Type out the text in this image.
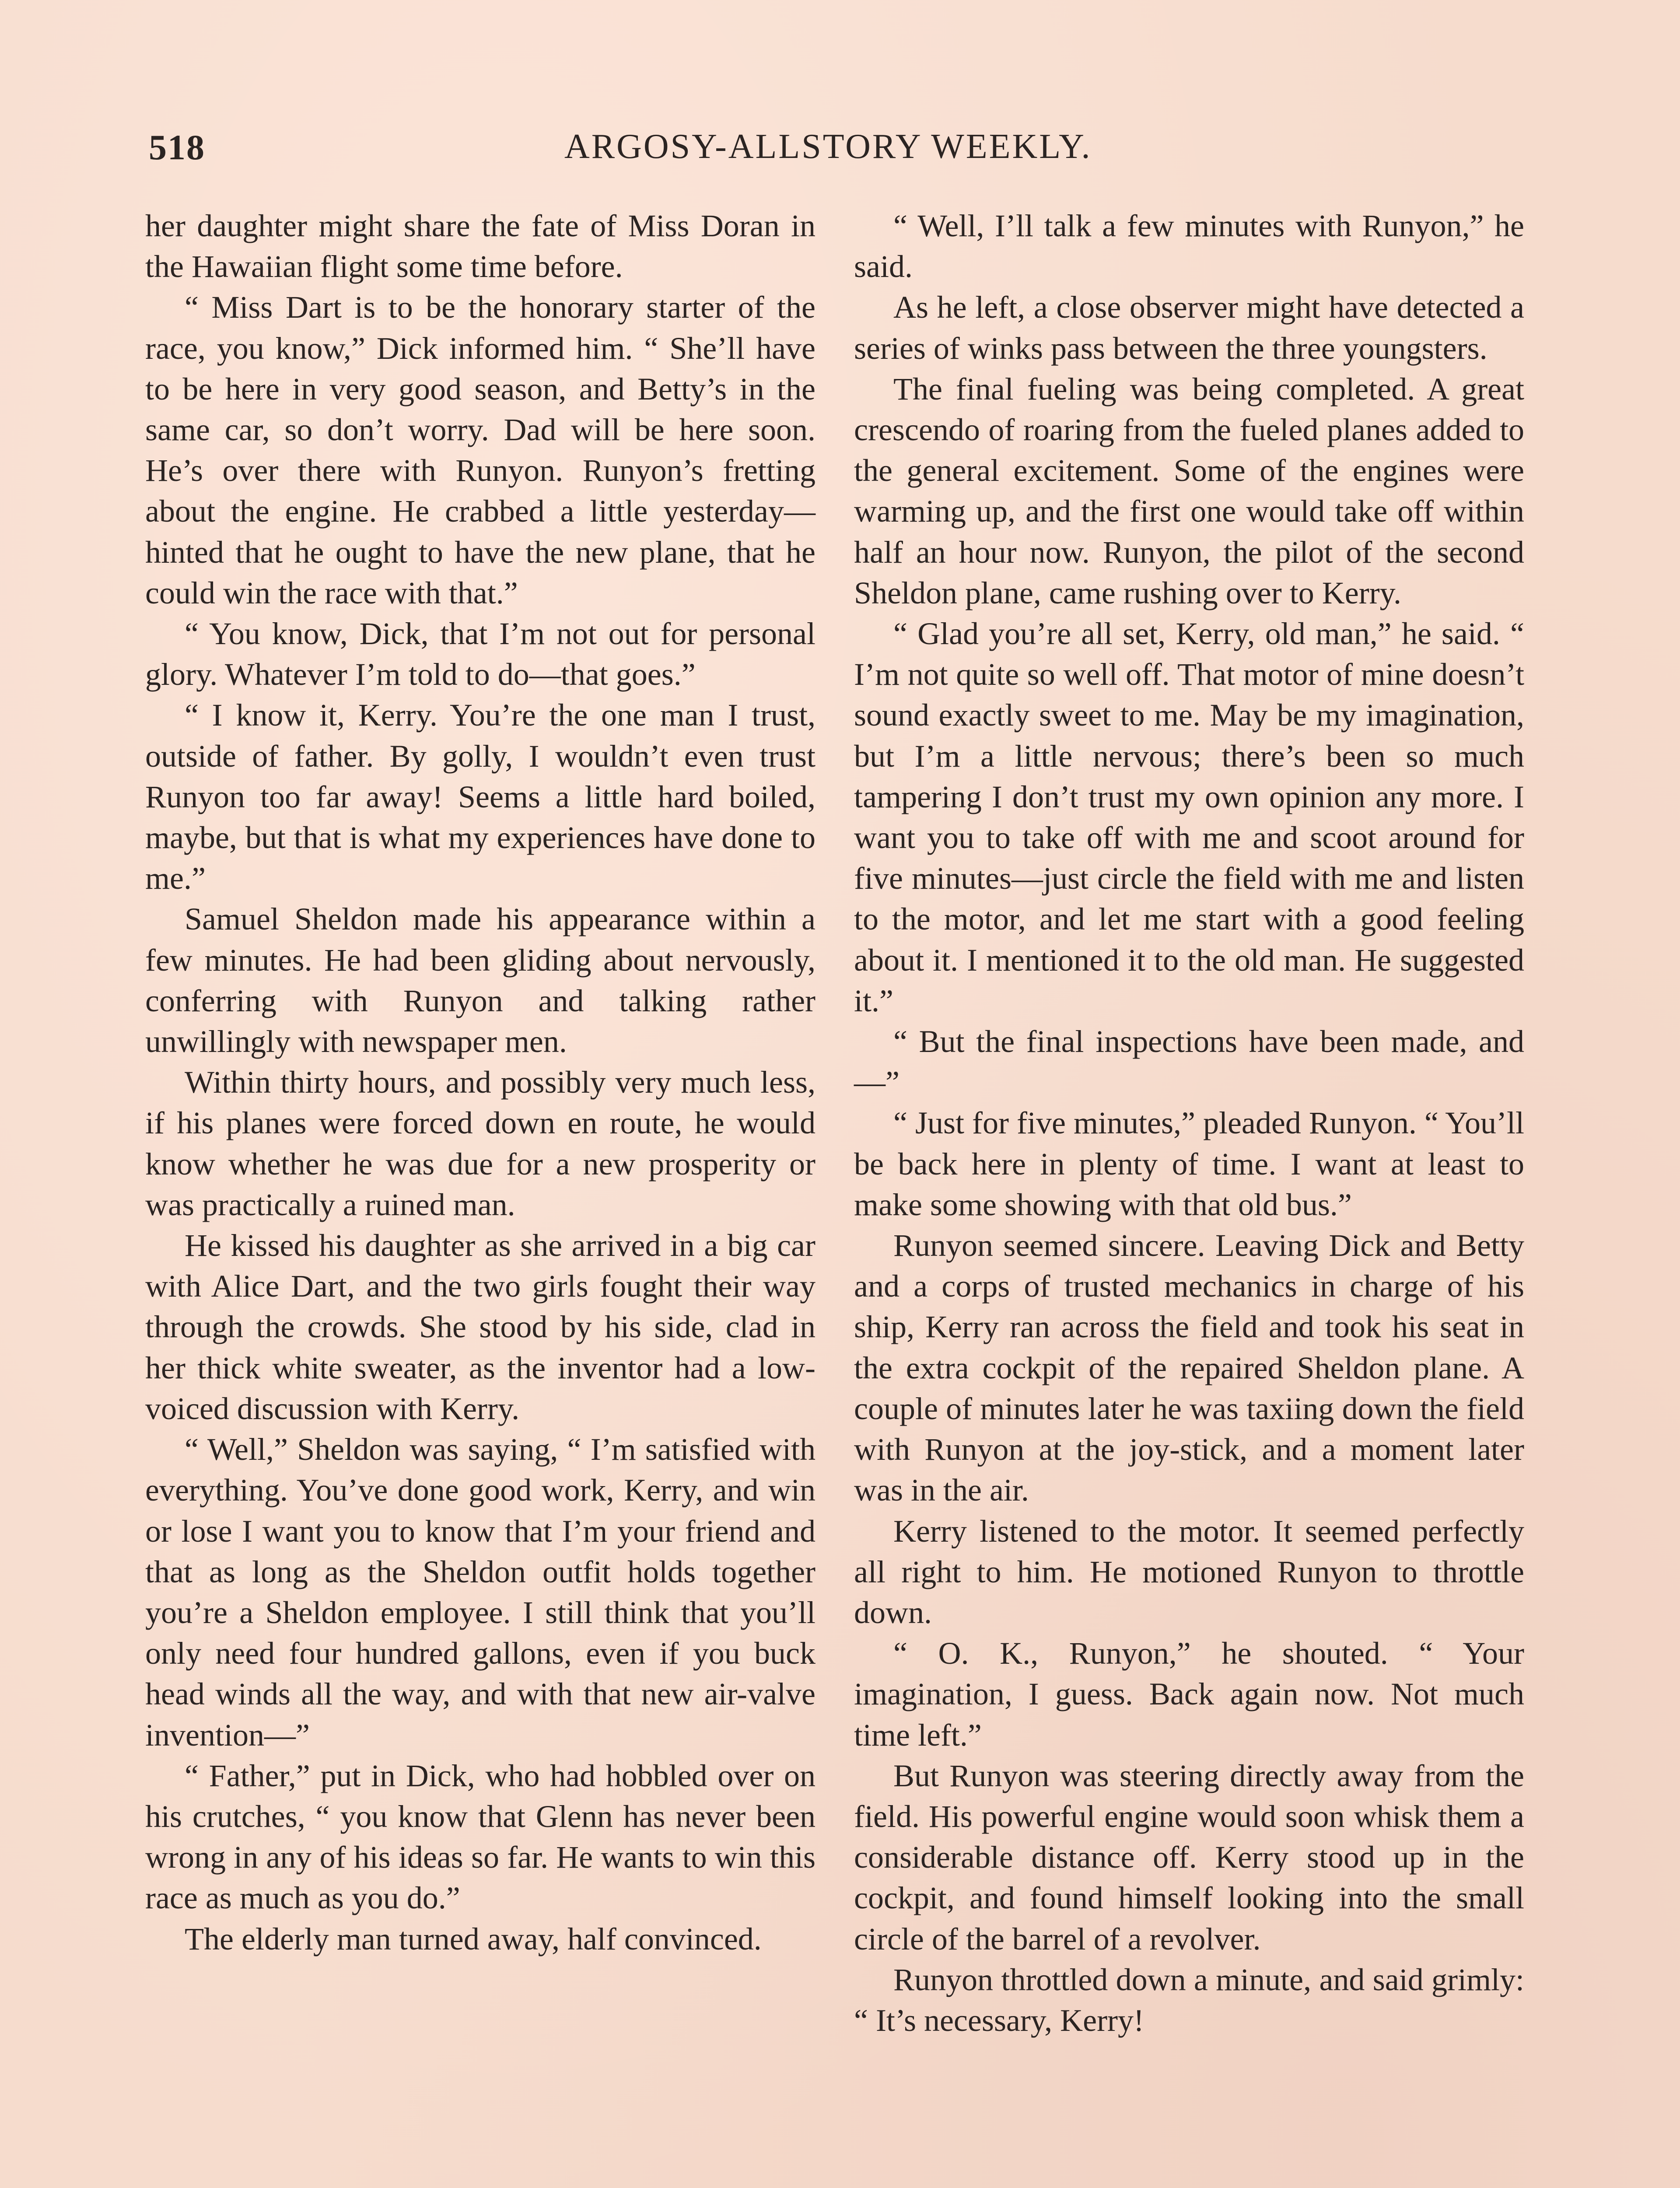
518	ARGOSY-ALLSTORY WEEKLY.

her daughter might share the fate of Miss Doran in the Hawaiian flight some time before.

“ Miss Dart is to be the honorary starter of the race, you know,” Dick informed him. “ She’ll have to be here in very good season, and Betty’s in the same car, so don’t worry. Dad will be here soon. He’s over there with Runyon. Runyon’s fretting about the engine. He crabbed a little yesterday—hinted that he ought to have the new plane, that he could win the race with that.”

“ You know, Dick, that I’m not out for personal glory. Whatever I’m told to do—that goes.”

“ I know it, Kerry. You’re the one man I trust, outside of father. By golly, I wouldn’t even trust Runyon too far away! Seems a little hard boiled, maybe, but that is what my experiences have done to me.”

Samuel Sheldon made his appearance within a few minutes. He had been gliding about nervously, conferring with Runyon and talking rather unwillingly with newspaper men.

Within thirty hours, and possibly very much less, if his planes were forced down en route, he would know whether he was due for a new prosperity or was practically a ruined man.

He kissed his daughter as she arrived in a big car with Alice Dart, and the two girls fought their way through the crowds. She stood by his side, clad in her thick white sweater, as the inventor had a low-voiced discussion with Kerry.

“ Well,” Sheldon was saying, “ I’m satisfied with everything. You’ve done good work, Kerry, and win or lose I want you to know that I’m your friend and that as long as the Sheldon outfit holds together you’re a Sheldon employee. I still think that you’ll only need four hundred gallons, even if you buck head winds all the way, and with that new air-valve invention—”

“ Father,” put in Dick, who had hobbled over on his crutches, “ you know that Glenn has never been wrong in any of his ideas so far. He wants to win this race as much as you do.”

The elderly man turned away, half convinced.

“ Well, I’ll talk a few minutes with Runyon,” he said.

As he left, a close observer might have detected a series of winks pass between the three youngsters.

The final fueling was being completed. A great crescendo of roaring from the fueled planes added to the general excitement. Some of the engines were warming up, and the first one would take off within half an hour now. Runyon, the pilot of the second Sheldon plane, came rushing over to Kerry.

“ Glad you’re all set, Kerry, old man,” he said. “ I’m not quite so well off. That motor of mine doesn’t sound exactly sweet to me. May be my imagination, but I’m a little nervous; there’s been so much tampering I don’t trust my own opinion any more. I want you to take off with me and scoot around for five minutes—just circle the field with me and listen to the motor, and let me start with a good feeling about it. I mentioned it to the old man. He suggested it.”

“ But the final inspections have been made, and—”

“ Just for five minutes,” pleaded Runyon. “ You’ll be back here in plenty of time. I want at least to make some showing with that old bus.”

Runyon seemed sincere. Leaving Dick and Betty and a corps of trusted mechanics in charge of his ship, Kerry ran across the field and took his seat in the extra cockpit of the repaired Sheldon plane. A couple of minutes later he was taxiing down the field with Runyon at the joy-stick, and a moment later was in the air.

Kerry listened to the motor. It seemed perfectly all right to him. He motioned Runyon to throttle down.

“ O. K., Runyon,” he shouted. “ Your imagination, I guess. Back again now. Not much time left.”

But Runyon was steering directly away from the field. His powerful engine would soon whisk them a considerable distance off. Kerry stood up in the cockpit, and found himself looking into the small circle of the barrel of a revolver.

Runyon throttled down a minute, and said grimly: “ It’s necessary, Kerry!
